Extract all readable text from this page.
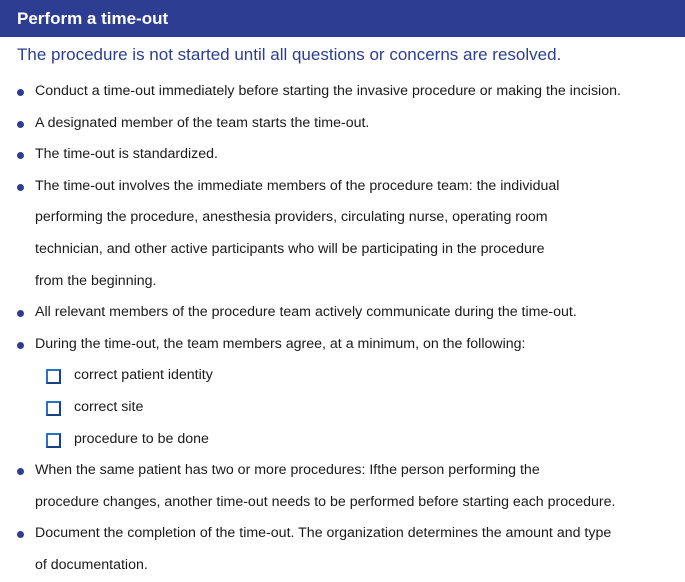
Perform a time-out
The procedure is not started until all questions or concerns are resolved.
Conduct a time-out immediately before starting the invasive procedure or making the incision.
A designated member of the team starts the time-out.
The time-out is standardized.
The time-out involves the immediate members of the procedure team: the individual
performing the procedure, anesthesia providers, circulating nurse, operating room
technician, and other active participants who will be participating in the procedure
from the beginning.
All relevant members of the procedure team actively communicate during the time-out.
During the time-out, the team members agree, at a minimum, on the following:
correct patient identity
correct site
procedure to be done
When the same patient has two or more procedures: Ifthe person performing the
procedure changes, another time-out needs to be performed before starting each procedure.
Document the completion of the time-out. The organization determines the amount and type
of documentation.
